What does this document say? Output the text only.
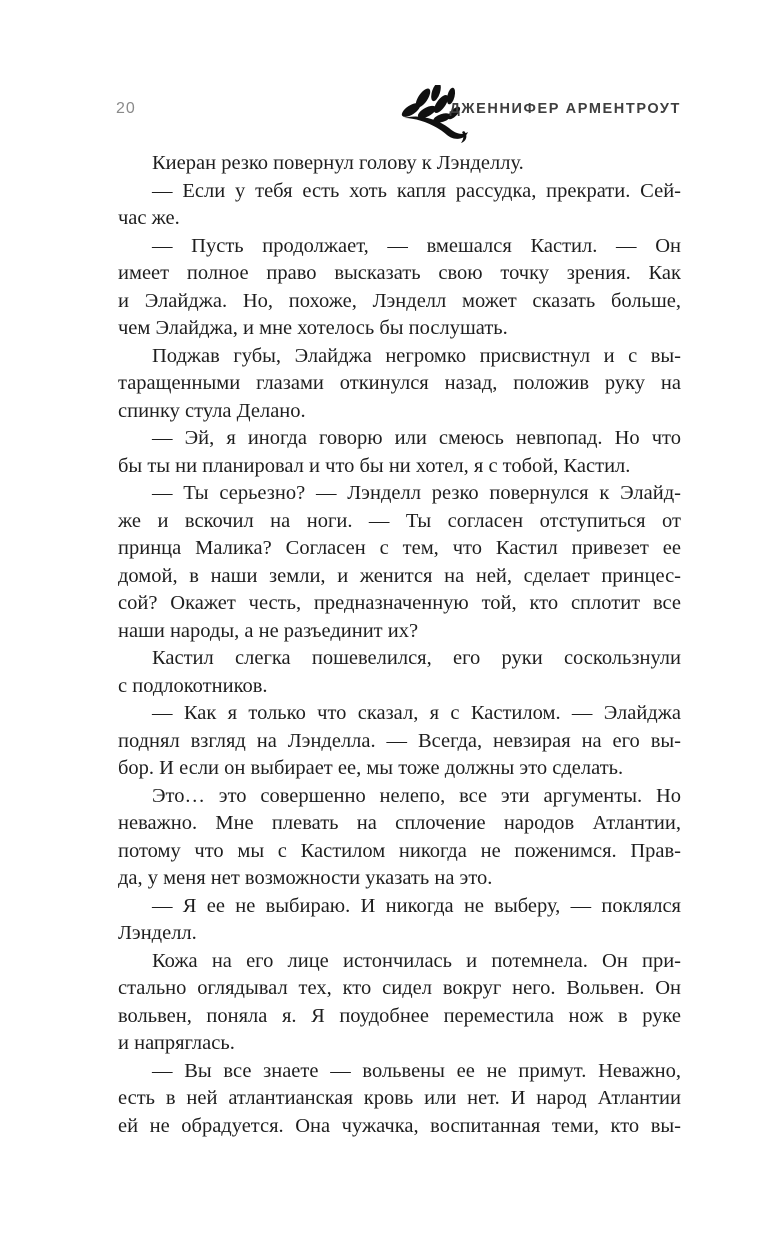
20	ДЖЕННИФЕР АРМЕНТРОУТ
Киеран резко повернул голову к Лэнделлу.
— Если у тебя есть хоть капля рассудка, прекрати. Сей-
час же.
— Пусть продолжает, — вмешался Кастил. — Он
имеет полное право высказать свою точку зрения. Как
и Элайджа. Но, похоже, Лэнделл может сказать больше,
чем Элайджа, и мне хотелось бы послушать.
Поджав губы, Элайджа негромко присвистнул и с вы-
таращенными глазами откинулся назад, положив руку на
спинку стула Делано.
— Эй, я иногда говорю или смеюсь невпопад. Но что
бы ты ни планировал и что бы ни хотел, я с тобой, Кастил.
— Ты серьезно? — Лэнделл резко повернулся к Элайд-
же и вскочил на ноги. — Ты согласен отступиться от
принца Малика? Согласен с тем, что Кастил привезет ее
домой, в наши земли, и женится на ней, сделает принцес-
сой? Окажет честь, предназначенную той, кто сплотит все
наши народы, а не разъединит их?
Кастил слегка пошевелился, его руки соскользнули
с подлокотников.
— Как я только что сказал, я с Кастилом. — Элайджа
поднял взгляд на Лэнделла. — Всегда, невзирая на его вы-
бор. И если он выбирает ее, мы тоже должны это сделать.
Это… это совершенно нелепо, все эти аргументы. Но
неважно. Мне плевать на сплочение народов Атлантии,
потому что мы с Кастилом никогда не поженимся. Прав-
да, у меня нет возможности указать на это.
— Я ее не выбираю. И никогда не выберу, — поклялся
Лэнделл.
Кожа на его лице истончилась и потемнела. Он при-
стально оглядывал тех, кто сидел вокруг него. Вольвен. Он
вольвен, поняла я. Я поудобнее переместила нож в руке
и напряглась.
— Вы все знаете — вольвены ее не примут. Неважно,
есть в ней атлантианская кровь или нет. И народ Атлантии
ей не обрадуется. Она чужачка, воспитанная теми, кто вы-
